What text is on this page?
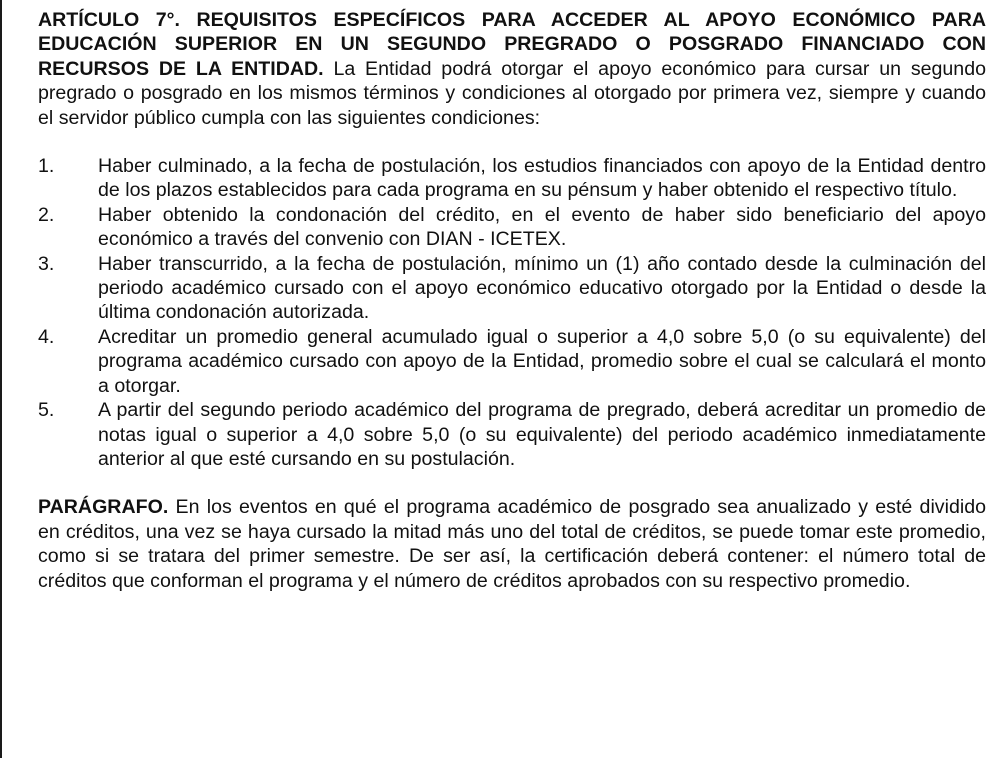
ARTÍCULO 7°. REQUISITOS ESPECÍFICOS PARA ACCEDER AL APOYO ECONÓMICO PARA EDUCACIÓN SUPERIOR EN UN SEGUNDO PREGRADO O POSGRADO FINANCIADO CON RECURSOS DE LA ENTIDAD. La Entidad podrá otorgar el apoyo económico para cursar un segundo pregrado o posgrado en los mismos términos y condiciones al otorgado por primera vez, siempre y cuando el servidor público cumpla con las siguientes condiciones:

1. Haber culminado, a la fecha de postulación, los estudios financiados con apoyo de la Entidad dentro de los plazos establecidos para cada programa en su pénsum y haber obtenido el respectivo título.
2. Haber obtenido la condonación del crédito, en el evento de haber sido beneficiario del apoyo económico a través del convenio con DIAN - ICETEX.
3. Haber transcurrido, a la fecha de postulación, mínimo un (1) año contado desde la culminación del periodo académico cursado con el apoyo económico educativo otorgado por la Entidad o desde la última condonación autorizada.
4. Acreditar un promedio general acumulado igual o superior a 4,0 sobre 5,0 (o su equivalente) del programa académico cursado con apoyo de la Entidad, promedio sobre el cual se calculará el monto a otorgar.
5. A partir del segundo periodo académico del programa de pregrado, deberá acreditar un promedio de notas igual o superior a 4,0 sobre 5,0 (o su equivalente) del periodo académico inmediatamente anterior al que esté cursando en su postulación.

PARÁGRAFO. En los eventos en qué el programa académico de posgrado sea anualizado y esté dividido en créditos, una vez se haya cursado la mitad más uno del total de créditos, se puede tomar este promedio, como si se tratara del primer semestre. De ser así, la certificación deberá contener: el número total de créditos que conforman el programa y el número de créditos aprobados con su respectivo promedio.
